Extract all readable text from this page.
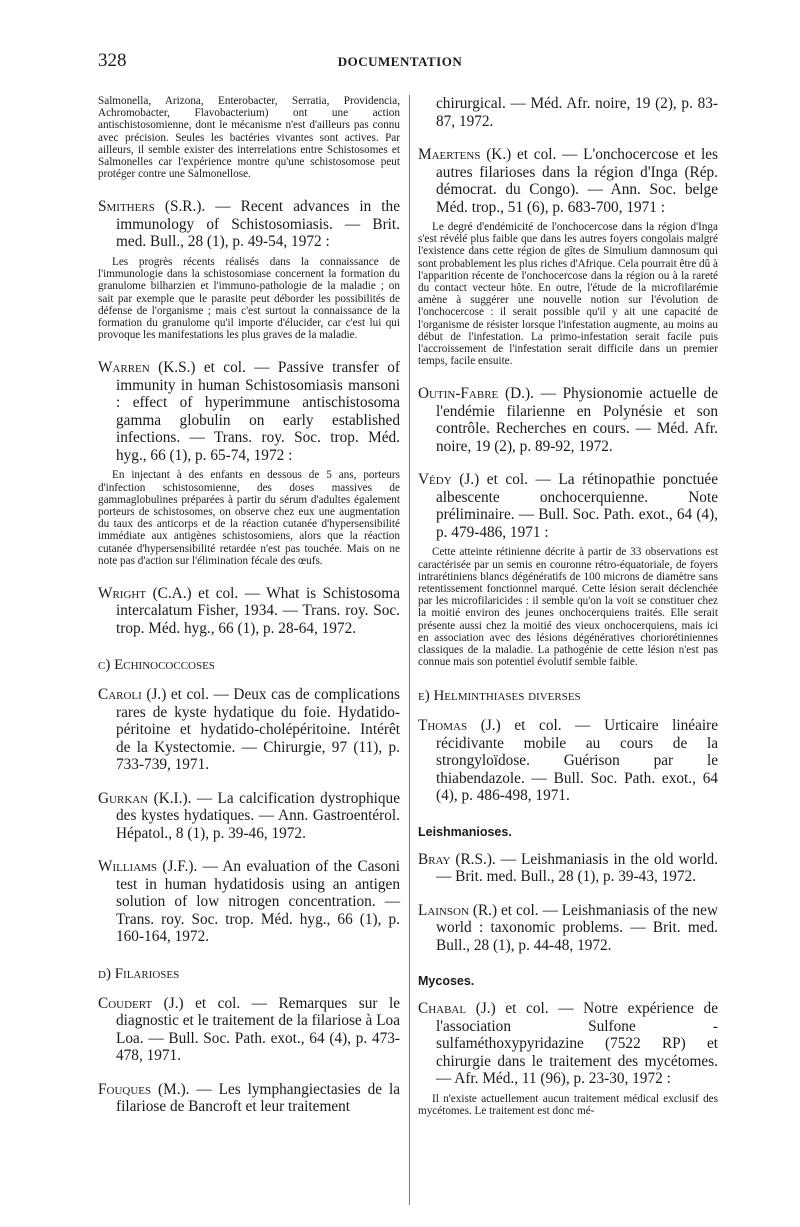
328	DOCUMENTATION

Salmonella, Arizona, Enterobacter, Serratia, Providencia, Achromobacter, Flavobacterium) ont une action antischistosomienne, dont le mécanisme n'est d'ailleurs pas connu avec précision. Seules les bactéries vivantes sont actives. Par ailleurs, il semble exister des interrelations entre Schistosomes et Salmonelles car l'expérience montre qu'une schistosomose peut protéger contre une Salmonellose.

Smithers (S.R.). — Recent advances in the immunology of Schistosomiasis. — Brit. med. Bull., 28 (1), p. 49-54, 1972 :

Les progrès récents réalisés dans la connaissance de l'immunologie dans la schistosomiase concernent la formation du granulome bilharzien et l'immuno-pathologie de la maladie ; on sait par exemple que le parasite peut déborder les possibilités de défense de l'organisme ; mais c'est surtout la connaissance de la formation du granulome qu'il importe d'élucider, car c'est lui qui provoque les manifestations les plus graves de la maladie.

Warren (K.S.) et col. — Passive transfer of immunity in human Schistosomiasis mansoni : effect of hyperimmune antischistosoma gamma globulin on early established infections. — Trans. roy. Soc. trop. Méd. hyg., 66 (1), p. 65-74, 1972 :

En injectant à des enfants en dessous de 5 ans, porteurs d'infection schistosomienne, des doses massives de gammaglobulines préparées à partir du sérum d'adultes également porteurs de schistosomes, on observe chez eux une augmentation du taux des anticorps et de la réaction cutanée d'hypersensibilité immédiate aux antigènes schistosomiens, alors que la réaction cutanée d'hypersensibilité retardée n'est pas touchée. Mais on ne note pas d'action sur l'élimination fécale des œufs.

Wright (C.A.) et col. — What is Schistosoma intercalatum Fisher, 1934. — Trans. roy. Soc. trop. Méd. hyg., 66 (1), p. 28-64, 1972.

c) Echinococcoses

Caroli (J.) et col. — Deux cas de complications rares de kyste hydatique du foie. Hydatido-péritoine et hydatido-cholépéritoine. Intérêt de la Kystectomie. — Chirurgie, 97 (11), p. 733-739, 1971.

Gurkan (K.I.). — La calcification dystrophique des kystes hydatiques. — Ann. Gastroentérol. Hépatol., 8 (1), p. 39-46, 1972.

Williams (J.F.). — An evaluation of the Casoni test in human hydatidosis using an antigen solution of low nitrogen concentration. — Trans. roy. Soc. trop. Méd. hyg., 66 (1), p. 160-164, 1972.

d) Filarioses

Coudert (J.) et col. — Remarques sur le diagnostic et le traitement de la filariose à Loa Loa. — Bull. Soc. Path. exot., 64 (4), p. 473-478, 1971.

Fouques (M.). — Les lymphangiectasies de la filariose de Bancroft et leur traitement

chirurgical. — Méd. Afr. noire, 19 (2), p. 83-87, 1972.

Maertens (K.) et col. — L'onchocercose et les autres filarioses dans la région d'Inga (Rép. démocrat. du Congo). — Ann. Soc. belge Méd. trop., 51 (6), p. 683-700, 1971 :

Le degré d'endémicité de l'onchocercose dans la région d'Inga s'est révélé plus faible que dans les autres foyers congolais malgré l'existence dans cette région de gîtes de Simulium damnosum qui sont probablement les plus riches d'Afrique. Cela pourrait être dû à l'apparition récente de l'onchocercose dans la région ou à la rareté du contact vecteur hôte. En outre, l'étude de la microfilarémie amène à suggérer une nouvelle notion sur l'évolution de l'onchocercose : il serait possible qu'il y ait une capacité de l'organisme de résister lorsque l'infestation augmente, au moins au début de l'infestation. La primo-infestation serait facile puis l'accroissement de l'infestation serait difficile dans un premier temps, facile ensuite.

Outin-Fabre (D.). — Physionomie actuelle de l'endémie filarienne en Polynésie et son contrôle. Recherches en cours. — Méd. Afr. noire, 19 (2), p. 89-92, 1972.

Védy (J.) et col. — La rétinopathie ponctuée albescente onchocerquienne. Note préliminaire. — Bull. Soc. Path. exot., 64 (4), p. 479-486, 1971 :

Cette atteinte rétinienne décrite à partir de 33 observations est caractérisée par un semis en couronne rétro-équatoriale, de foyers intrarétiniens blancs dégénératifs de 100 microns de diamètre sans retentissement fonctionnel marqué. Cette lésion serait déclenchée par les microfilaricides : il semble qu'on la voit se constituer chez la moitié environ des jeunes onchocerquiens traités. Elle serait présente aussi chez la moitié des vieux onchocerquiens, mais ici en association avec des lésions dégénératives choriorétiniennes classiques de la maladie. La pathogénie de cette lésion n'est pas connue mais son potentiel évolutif semble faible.

e) Helminthiases diverses

Thomas (J.) et col. — Urticaire linéaire récidivante mobile au cours de la strongyloïdose. Guérison par le thiabendazole. — Bull. Soc. Path. exot., 64 (4), p. 486-498, 1971.

Leishmanioses.

Bray (R.S.). — Leishmaniasis in the old world. — Brit. med. Bull., 28 (1), p. 39-43, 1972.

Lainson (R.) et col. — Leishmaniasis of the new world : taxonomic problems. — Brit. med. Bull., 28 (1), p. 44-48, 1972.

Mycoses.

Chabal (J.) et col. — Notre expérience de l'association Sulfone - sulfaméthoxypyridazine (7522 RP) et chirurgie dans le traitement des mycétomes. — Afr. Méd., 11 (96), p. 23-30, 1972 :

Il n'existe actuellement aucun traitement médical exclusif des mycétomes. Le traitement est donc mé-
